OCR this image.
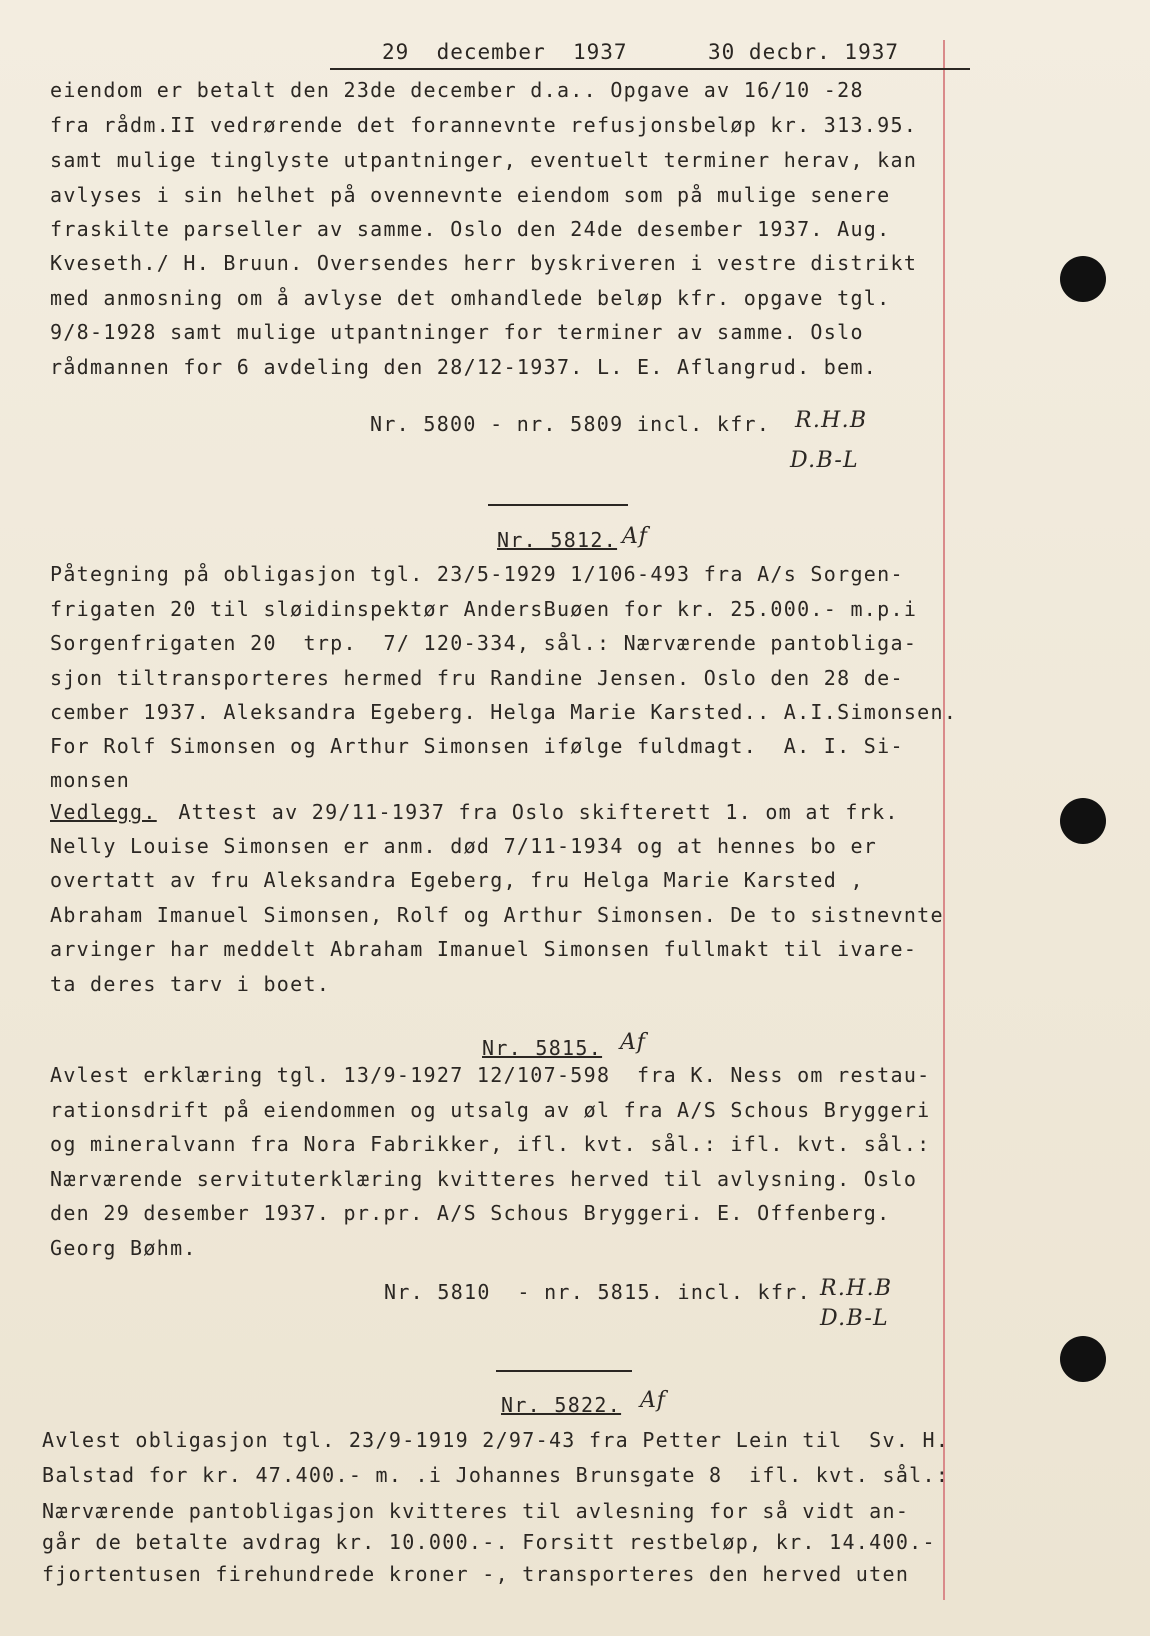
29  december  1937	30 decbr. 1937
eiendom er betalt den 23de december d.a.. Opgave av 16/10 -28
fra rådm.II vedrørende det forannevnte refusjonsbeløp kr. 313.95.
samt mulige tinglyste utpantninger, eventuelt terminer herav, kan
avlyses i sin helhet på ovennevnte eiendom som på mulige senere
fraskilte parseller av samme. Oslo den 24de desember 1937. Aug.
Kveseth./ H. Bruun. Oversendes herr byskriveren i vestre distrikt
med anmosning om å avlyse det omhandlede beløp kfr. opgave tgl.
9/8-1928 samt mulige utpantninger for terminer av samme. Oslo
rådmannen for 6 avdeling den 28/12-1937. L. E. Aflangrud. bem.
Nr. 5800 - nr. 5809 incl. kfr. R.H.B
D.B-L
Nr. 5812. Af
Påtegning på obligasjon tgl. 23/5-1929 1/106-493 fra A/s Sorgen-
frigaten 20 til sløidinspektør AndersBuøen for kr. 25.000.- m.p.i
Sorgenfrigaten 20  trp.  7/ 120-334, sål.: Nærværende pantobliga-
sjon tiltransporteres hermed fru Randine Jensen. Oslo den 28 de-
cember 1937. Aleksandra Egeberg. Helga Marie Karsted.. A.I.Simonsen.
For Rolf Simonsen og Arthur Simonsen ifølge fuldmagt.  A. I. Si-
monsen
Vedlegg. Attest av 29/11-1937 fra Oslo skifterett 1. om at frk.
Nelly Louise Simonsen er anm. død 7/11-1934 og at hennes bo er
overtatt av fru Aleksandra Egeberg, fru Helga Marie Karsted ,
Abraham Imanuel Simonsen, Rolf og Arthur Simonsen. De to sistnevnte
arvinger har meddelt Abraham Imanuel Simonsen fullmakt til ivare-
ta deres tarv i boet.
Nr. 5815. Af
Avlest erklæring tgl. 13/9-1927 12/107-598  fra K. Ness om restau-
rationsdrift på eiendommen og utsalg av øl fra A/S Schous Bryggeri
og mineralvann fra Nora Fabrikker, ifl. kvt. sål.: ifl. kvt. sål.:
Nærværende servituterklæring kvitteres herved til avlysning. Oslo
den 29 desember 1937. pr.pr. A/S Schous Bryggeri. E. Offenberg.
Georg Bøhm.
Nr. 5810  - nr. 5815. incl. kfr. R.H.B
D.B-L
Nr. 5822. Af
Avlest obligasjon tgl. 23/9-1919 2/97-43 fra Petter Lein til  Sv. H.
Balstad for kr. 47.400.- m. .i Johannes Brunsgate 8  ifl. kvt. sål.:
Nærværende pantobligasjon kvitteres til avlesning for så vidt an-
går de betalte avdrag kr. 10.000.-. Forsitt restbeløp, kr. 14.400.-
fjortentusen firehundrede kroner -, transporteres den herved uten
